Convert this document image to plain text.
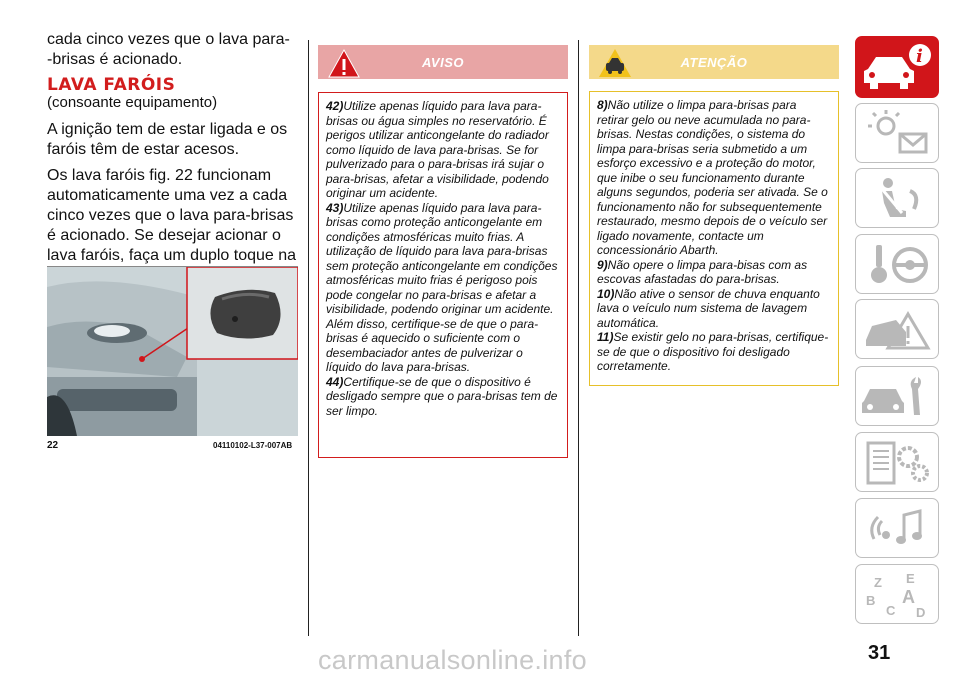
cada cinco vezes que o lava para-
-brisas é acionado.

LAVA FARÓIS

(consoante equipamento)

A ignição tem de estar ligada e os faróis têm de estar acesos.

Os lava faróis fig. 22 funcionam automaticamente uma vez a cada cinco vezes que o lava para-brisas é acionado. Se desejar acionar o lava faróis, faça um duplo toque na

22	04110102-L37-007AB
AVISO

42)Utilize apenas líquido para lava para-brisas ou água simples no reservatório. É perigos utilizar anticongelante do radiador como líquido de lava para-brisas. Se for pulverizado para o para-brisas irá sujar o para-brisas, afetar a visibilidade, podendo originar um acidente.

43)Utilize apenas líquido para lava para-brisas como proteção anticongelante em condições atmosféricas muito frias. A utilização de líquido para lava para-brisas sem proteção anticongelante em condições atmosféricas muito frias é perigoso pois pode congelar no para-brisas e afetar a visibilidade, podendo originar um acidente. Além disso, certifique-se de que o para-brisas é aquecido o suficiente com o desembaciador antes de pulverizar o líquido do lava para-brisas.

44)Certifique-se de que o dispositivo é desligado sempre que o para-brisas tem de ser limpo.

ATENÇÃO

8)Não utilize o limpa para-brisas para retirar gelo ou neve acumulada no para-brisas. Nestas condições, o sistema do limpa para-brisas seria submetido a um esforço excessivo e a proteção do motor, que inibe o seu funcionamento durante alguns segundos, poderia ser ativada. Se o funcionamento não for subsequentemente restaurado, mesmo depois de o veículo ser ligado novamente, contacte um concessionário Abarth.

9)Não opere o limpa para-bisas com as escovas afastadas do para-brisas.

10)Não ative o sensor de chuva enquanto lava o veículo num sistema de lavagem automática.

11)Se existir gelo no para-brisas, certifique-se de que o dispositivo foi desligado corretamente.

i
Z E
B A
C D
31
carmanualsonline.info
